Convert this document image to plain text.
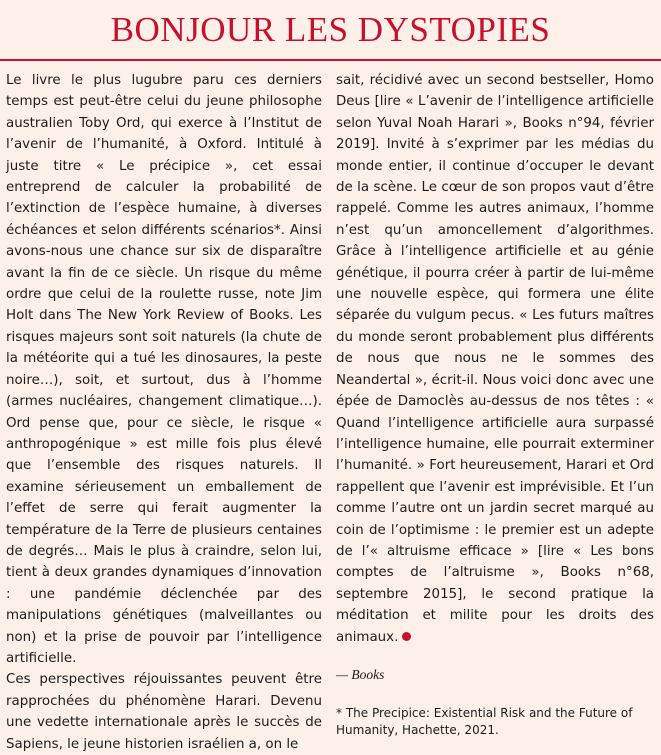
BONJOUR LES DYSTOPIES

Le livre le plus lugubre paru ces derniers temps est peut-être celui du jeune philosophe australien Toby Ord, qui exerce à l’Institut de l’avenir de l’humanité, à Oxford. Intitulé à juste titre « Le précipice », cet essai entreprend de calculer la probabilité de l’extinction de l’espèce humaine, à diverses échéances et selon différents scénarios*. Ainsi avons-nous une chance sur six de disparaître avant la fin de ce siècle. Un risque du même ordre que celui de la roulette russe, note Jim Holt dans The New York Review of Books. Les risques majeurs sont soit naturels (la chute de la météorite qui a tué les dinosaures, la peste noire…), soit, et surtout, dus à l’homme (armes nucléaires, changement climatique…). Ord pense que, pour ce siècle, le risque « anthropogénique » est mille fois plus élevé que l’ensemble des risques naturels. Il examine sérieusement un emballement de l’effet de serre qui ferait augmenter la température de la Terre de plusieurs centaines de degrés… Mais le plus à craindre, selon lui, tient à deux grandes dynamiques d’innovation : une pandémie déclenchée par des manipulations génétiques (malveillantes ou non) et la prise de pouvoir par l’intelligence artificielle.

Ces perspectives réjouissantes peuvent être rapprochées du phénomène Harari. Devenu une vedette internationale après le succès de Sapiens, le jeune historien israélien a, on le

sait, récidivé avec un second bestseller, Homo Deus [lire « L’avenir de l’intelligence artificielle selon Yuval Noah Harari », Books n°94, février 2019]. Invité à s’exprimer par les médias du monde entier, il continue d’occuper le devant de la scène. Le cœur de son propos vaut d’être rappelé. Comme les autres animaux, l’homme n’est qu’un amoncellement d’algorithmes. Grâce à l’intelligence artificielle et au génie génétique, il pourra créer à partir de lui-même une nouvelle espèce, qui formera une élite séparée du vulgum pecus. « Les futurs maîtres du monde seront probablement plus différents de nous que nous ne le sommes des Neandertal », écrit-il. Nous voici donc avec une épée de Damoclès au-dessus de nos têtes : « Quand l’intelligence artificielle aura surpassé l’intelligence humaine, elle pourrait exterminer l’humanité. » Fort heureusement, Harari et Ord rappellent que l’avenir est imprévisible. Et l’un comme l’autre ont un jardin secret marqué au coin de l’optimisme : le premier est un adepte de l’« altruisme efficace » [lire « Les bons comptes de l’altruisme », Books n°68, septembre 2015], le second pratique la méditation et milite pour les droits des animaux.

— Books
* The Precipice: Existential Risk and the Future of Humanity, Hachette, 2021.
